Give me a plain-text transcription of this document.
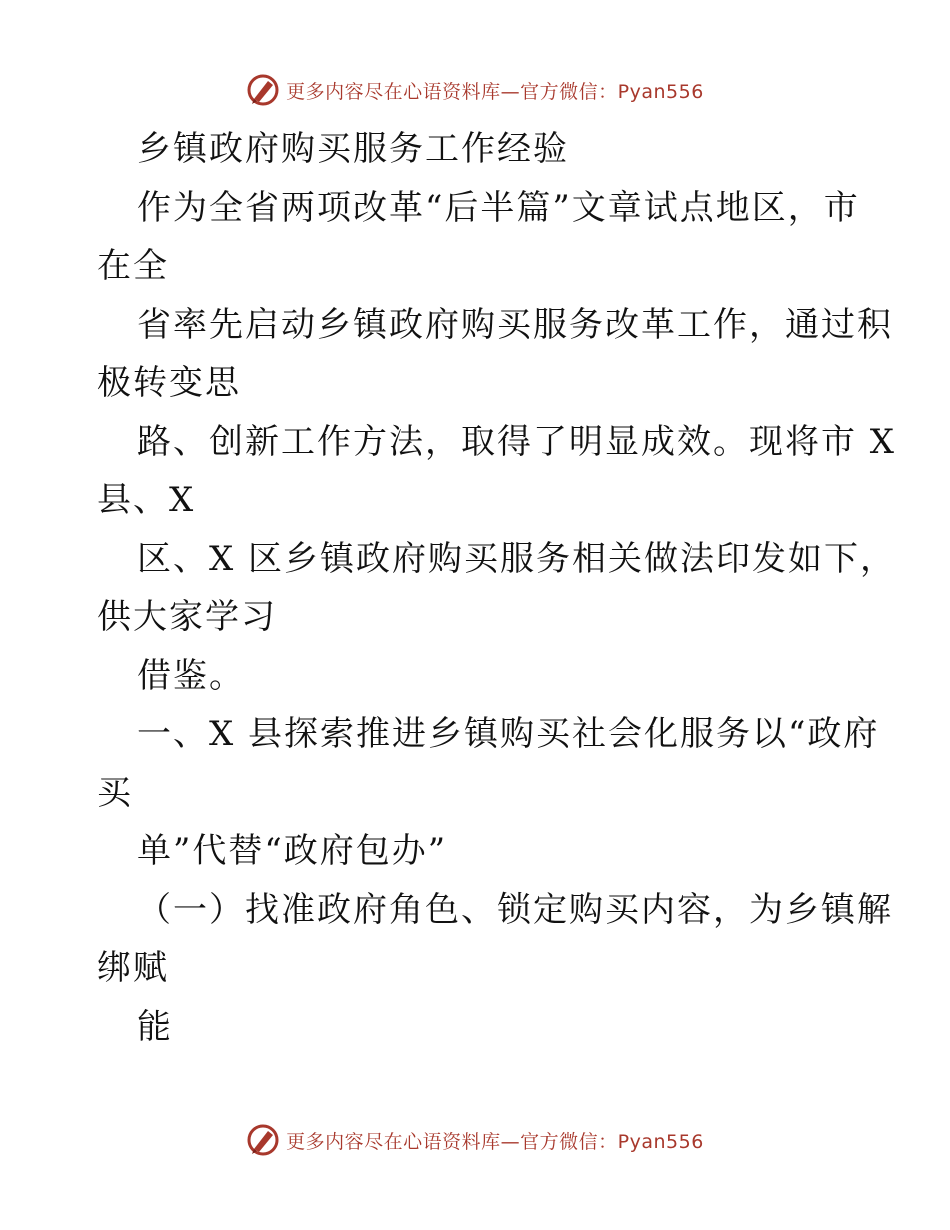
更多内容尽在心语资料库—官方微信：Pyan556
乡镇政府购买服务工作经验
作为全省两项改革“后半篇”文章试点地区，市
在全
省率先启动乡镇政府购买服务改革工作，通过积
极转变思
路、创新工作方法，取得了明显成效。现将市 X
县、X
区、X 区乡镇政府购买服务相关做法印发如下，
供大家学习
借鉴。
一、X 县探索推进乡镇购买社会化服务以“政府
买
单”代替“政府包办”
（一）找准政府角色、锁定购买内容，为乡镇解
绑赋
能
更多内容尽在心语资料库—官方微信：Pyan556
